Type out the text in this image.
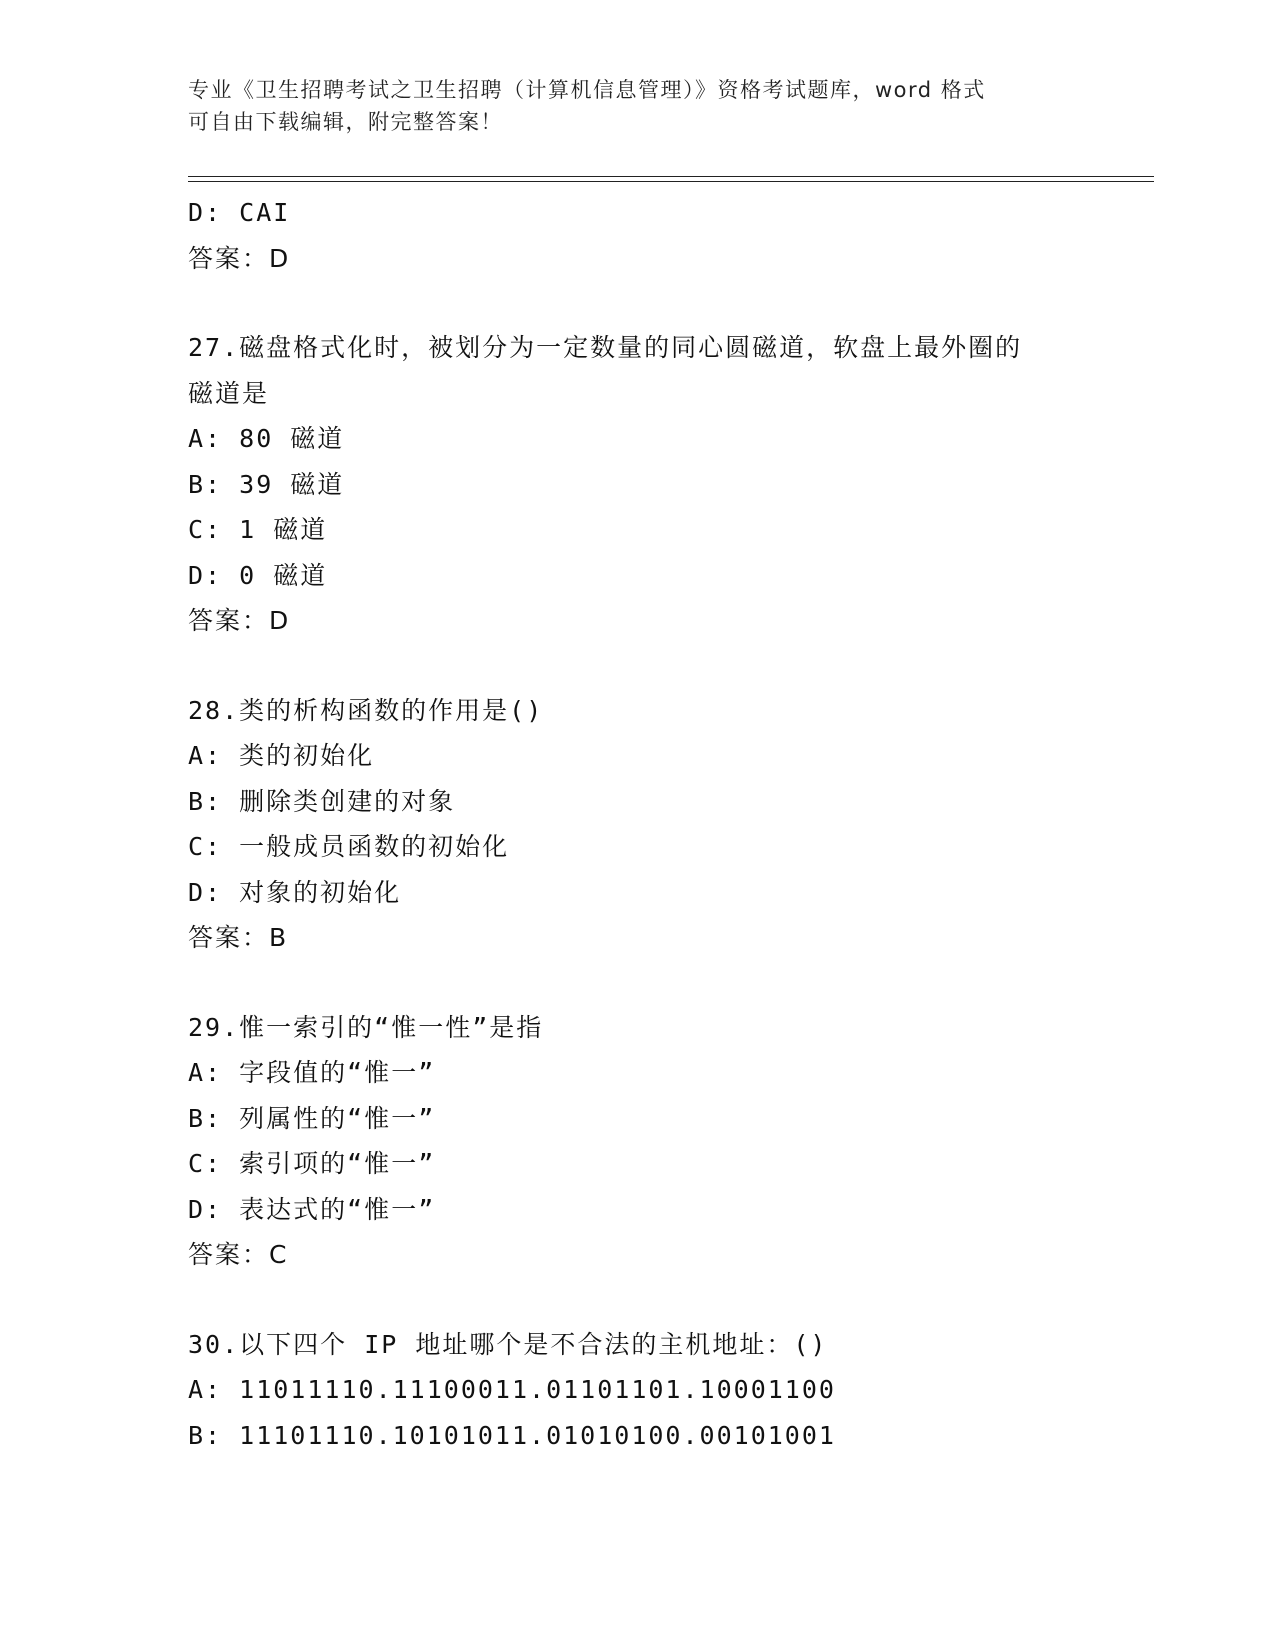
专业《卫生招聘考试之卫生招聘（计算机信息管理）》资格考试题库，word 格式
可自由下载编辑，附完整答案！
D: CAI
答案：D
27.磁盘格式化时，被划分为一定数量的同心圆磁道，软盘上最外圈的
磁道是
A: 80 磁道
B: 39 磁道
C: 1 磁道
D: 0 磁道
答案：D
28.类的析构函数的作用是()
A: 类的初始化
B: 删除类创建的对象
C: 一般成员函数的初始化
D: 对象的初始化
答案：B
29.惟一索引的“惟一性”是指
A: 字段值的“惟一”
B: 列属性的“惟一”
C: 索引项的“惟一”
D: 表达式的“惟一”
答案：C
30.以下四个 IP 地址哪个是不合法的主机地址：()
A: 11011110.11100011.01101101.10001100
B: 11101110.10101011.01010100.00101001
